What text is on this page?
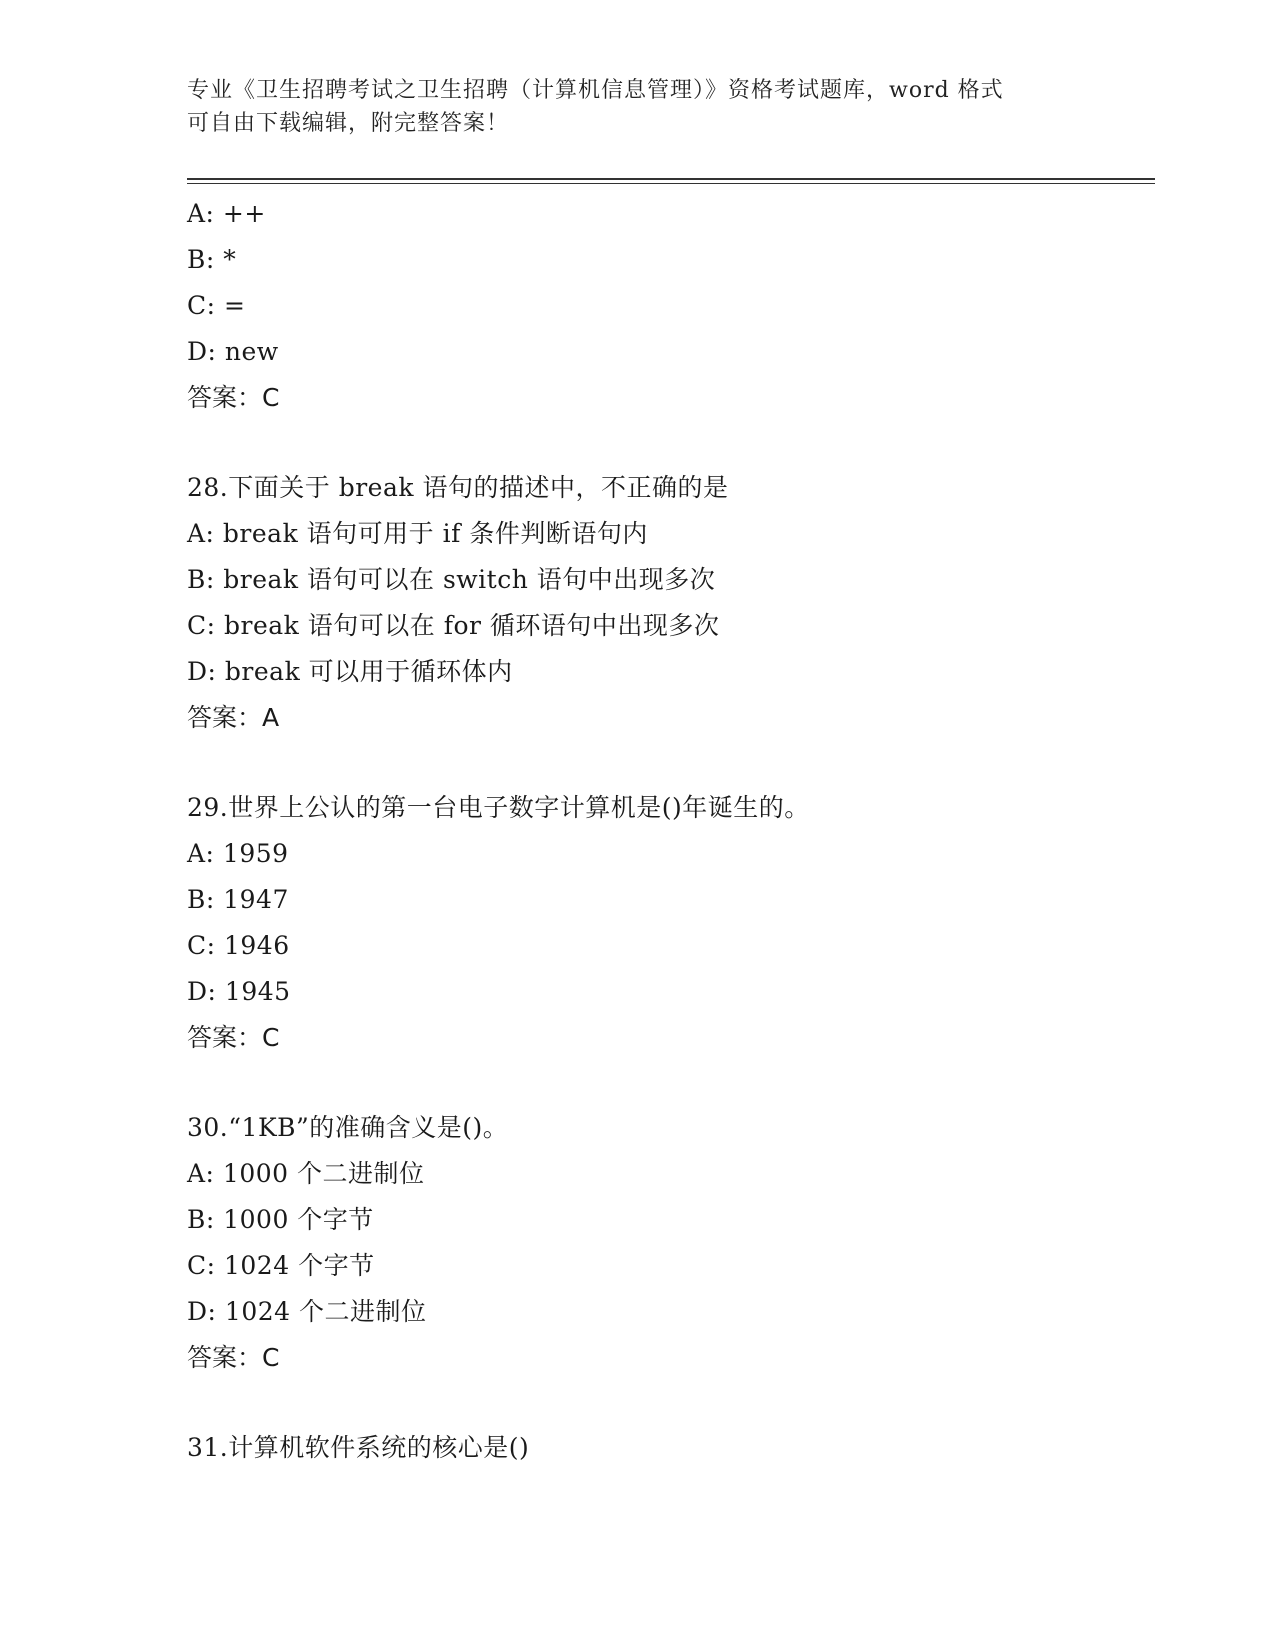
专业《卫生招聘考试之卫生招聘（计算机信息管理）》资格考试题库，word 格式
可自由下载编辑，附完整答案！
A: ++
B: *
C: =
D: new
答案：C
28.下面关于 break 语句的描述中，不正确的是
A: break 语句可用于 if 条件判断语句内
B: break 语句可以在 switch 语句中出现多次
C: break 语句可以在 for 循环语句中出现多次
D: break 可以用于循环体内
答案：A
29.世界上公认的第一台电子数字计算机是()年诞生的。
A: 1959
B: 1947
C: 1946
D: 1945
答案：C
30.“1KB”的准确含义是()。
A: 1000 个二进制位
B: 1000 个字节
C: 1024 个字节
D: 1024 个二进制位
答案：C
31.计算机软件系统的核心是()
